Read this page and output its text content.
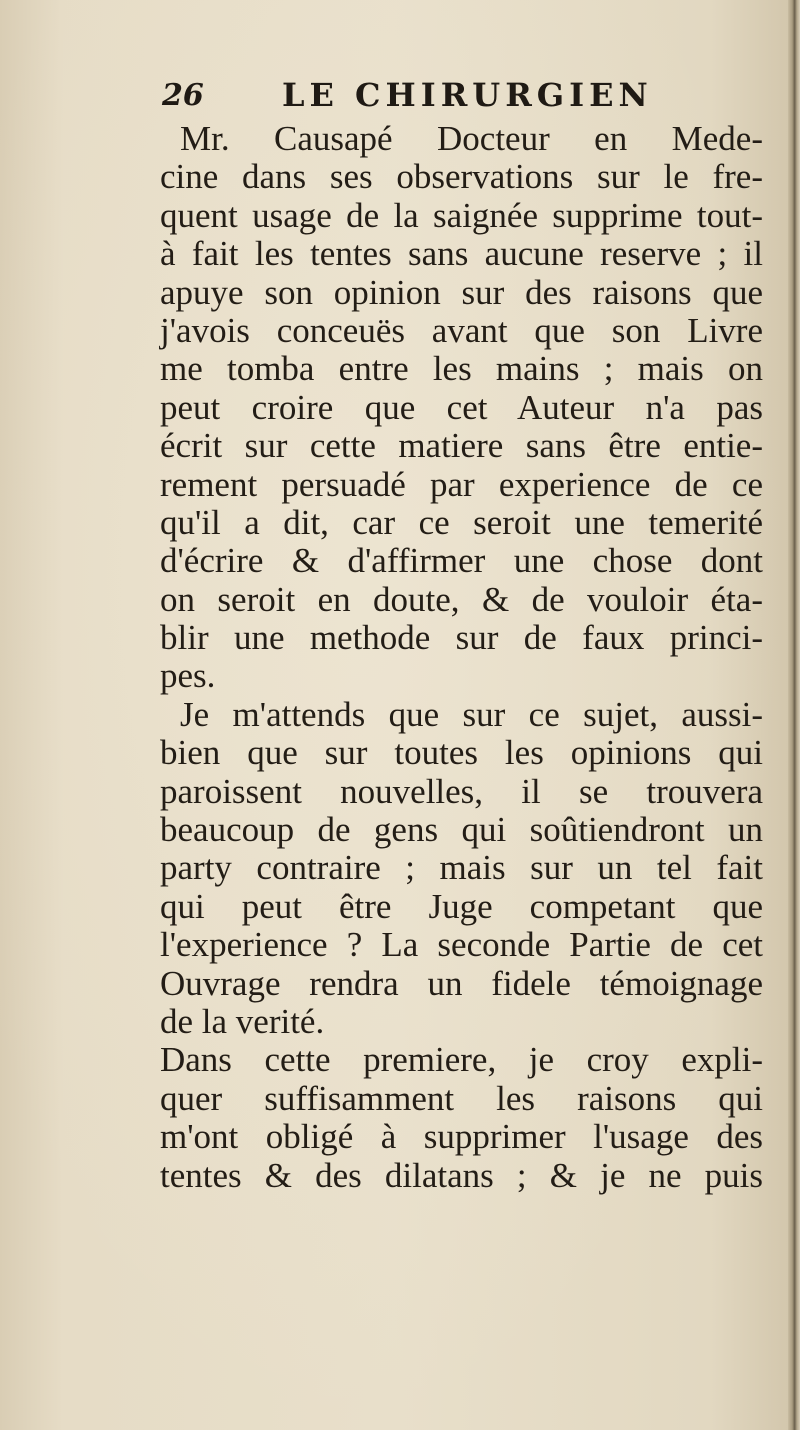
26 LE CHIRURGIEN
Mr. Causapé Docteur en Mede-
cine dans ses observations sur le fre-
quent usage de la saignée supprime tout-
à fait les tentes sans aucune reserve ; il
apuye son opinion sur des raisons que
j'avois conceuës avant que son Livre
me tomba entre les mains ; mais on
peut croire que cet Auteur n'a pas
écrit sur cette matiere sans être entie-
rement persuadé par experience de ce
qu'il a dit, car ce seroit une temerité
d'écrire & d'affirmer une chose dont
on seroit en doute, & de vouloir éta-
blir une methode sur de faux princi-
pes.
Je m'attends que sur ce sujet, aussi-
bien que sur toutes les opinions qui
paroissent nouvelles, il se trouvera
beaucoup de gens qui soûtiendront un
party contraire ; mais sur un tel fait
qui peut être Juge competant que
l'experience ? La seconde Partie de cet
Ouvrage rendra un fidele témoignage
de la verité.
Dans cette premiere, je croy expli-
quer suffisamment les raisons qui
m'ont obligé à supprimer l'usage des
tentes & des dilatans ; & je ne puis
